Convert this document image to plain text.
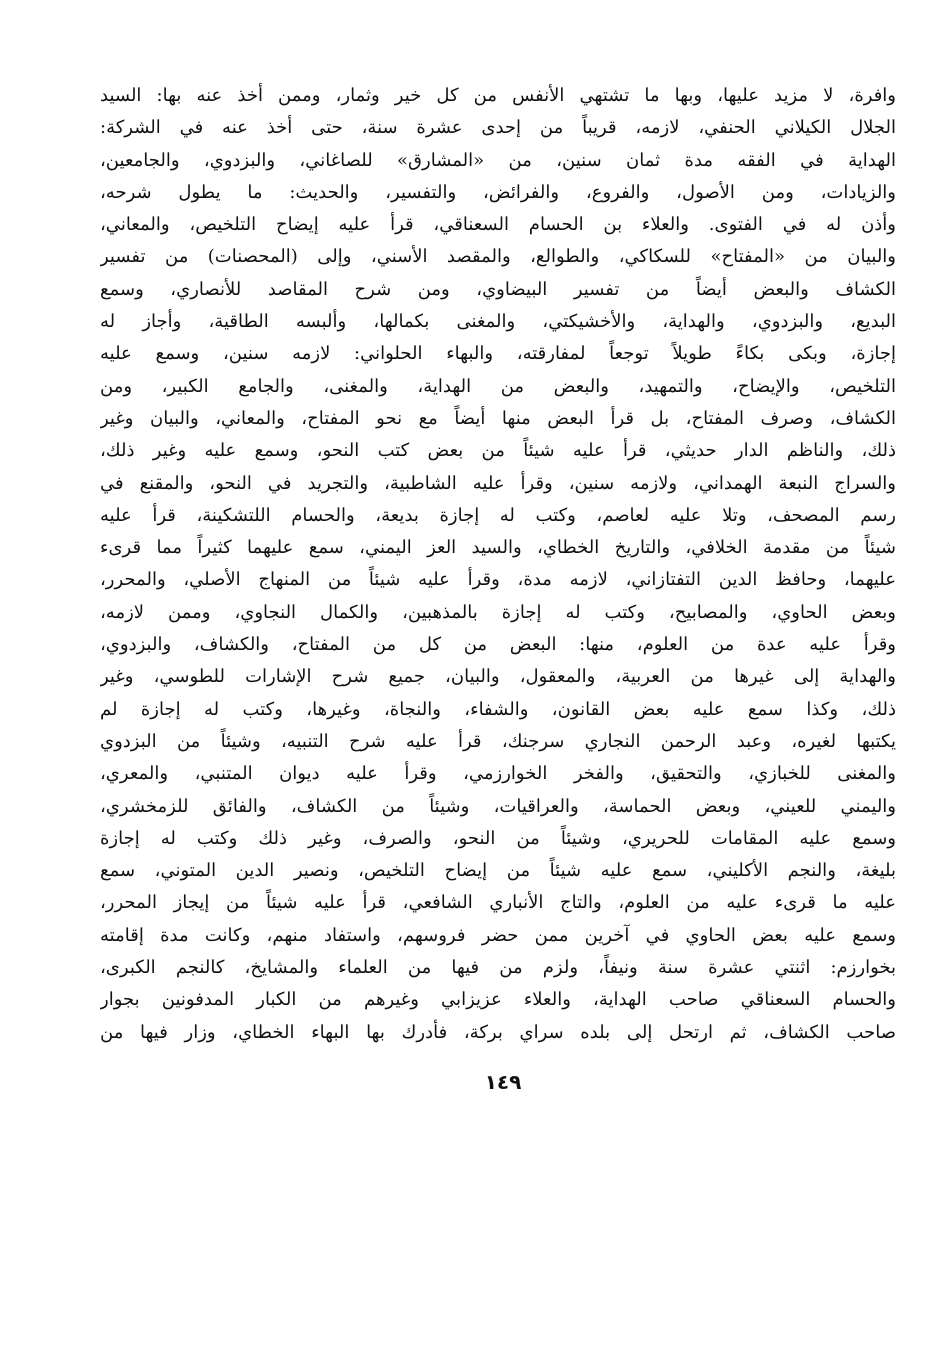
وافرة، لا مزيد عليها، وبها ما تشتهي الأنفس من كل خير وثمار، وممن أخذ عنه بها: السيد
الجلال الكيلاني الحنفي، لازمه، قريباً من إحدى عشرة سنة، حتى أخذ عنه في الشركة:
الهداية في الفقه مدة ثمان سنين، من «المشارق» للصاغاني، والبزدوي، والجامعين،
والزيادات، ومن الأصول، والفروع، والفرائض، والتفسير، والحديث: ما يطول شرحه،
وأذن له في الفتوى. والعلاء بن الحسام السعناقي، قرأ عليه إيضاح التلخيص، والمعاني،
والبيان من «المفتاح» للسكاكي، والطوالع، والمقصد الأسني، وإلى (المحصنات) من تفسير
الكشاف والبعض أيضاً من تفسير البيضاوي، ومن شرح المقاصد للأنصاري، وسمع
البديع، والبزدوي، والهداية، والأخشيكتي، والمغنى بكمالها، وألبسه الطاقية، وأجاز له
إجازة، وبكى بكاءً طويلاً توجعاً لمفارقته، والبهاء الحلواني: لازمه سنين، وسمع عليه
التلخيص، والإيضاح، والتمهيد، والبعض من الهداية، والمغنى، والجامع الكبير، ومن
الكشاف، وصرف المفتاح، بل قرأ البعض منها أيضاً مع نحو المفتاح، والمعاني، والبيان وغير
ذلك، والناظم الدار حديثي، قرأ عليه شيئاً من بعض كتب النحو، وسمع عليه وغير ذلك،
والسراج النبعة الهمداني، ولازمه سنين، وقرأ عليه الشاطبية، والتجريد في النحو، والمقنع في
رسم المصحف، وتلا عليه لعاصم، وكتب له إجازة بديعة، والحسام اللتشكينة، قرأ عليه
شيئاً من مقدمة الخلافي، والتاريخ الخطاي، والسيد العز اليمني، سمع عليهما كثيراً مما قرىء
عليهما، وحافظ الدين التفتازاني، لازمه مدة، وقرأ عليه شيئاً من المنهاج الأصلي، والمحرر،
وبعض الحاوي، والمصابيح، وكتب له إجازة بالمذهبين، والكمال النجاوي، وممن لازمه،
وقرأ عليه عدة من العلوم، منها: البعض من كل من المفتاح، والكشاف، والبزدوي،
والهداية إلى غيرها من العربية، والمعقول، والبيان، جميع شرح الإشارات للطوسي، وغير
ذلك، وكذا سمع عليه بعض القانون، والشفاء، والنجاة، وغيرها، وكتب له إجازة لم
يكتبها لغيره، وعبد الرحمن النجاري سرجنك، قرأ عليه شرح التنبيه، وشيئاً من البزدوي
والمغنى للخبازي، والتحقيق، والفخر الخوارزمي، وقرأ عليه ديوان المتنبي، والمعري،
واليمني للعيني، وبعض الحماسة، والعراقيات، وشيئاً من الكشاف، والفائق للزمخشري،
وسمع عليه المقامات للحريري، وشيئاً من النحو، والصرف، وغير ذلك وكتب له إجازة
بليغة، والنجم الأكليني، سمع عليه شيئاً من إيضاح التلخيص، ونصير الدين المتوني، سمع
عليه ما قرىء عليه من العلوم، والتاج الأنباري الشافعي، قرأ عليه شيئاً من إيجاز المحرر،
وسمع عليه بعض الحاوي في آخرين ممن حضر فروسهم، واستفاد منهم، وكانت مدة إقامته
بخوارزم: اثنتي عشرة سنة ونيفاً، ولزم من فيها من العلماء والمشايخ، كالنجم الكبرى،
والحسام السعناقي صاحب الهداية، والعلاء عزيزابي وغيرهم من الكبار المدفونين بجوار
صاحب الكشاف، ثم ارتحل إلى بلده سراي بركة، فأدرك بها البهاء الخطاي، وزار فيها من
١٤٩
